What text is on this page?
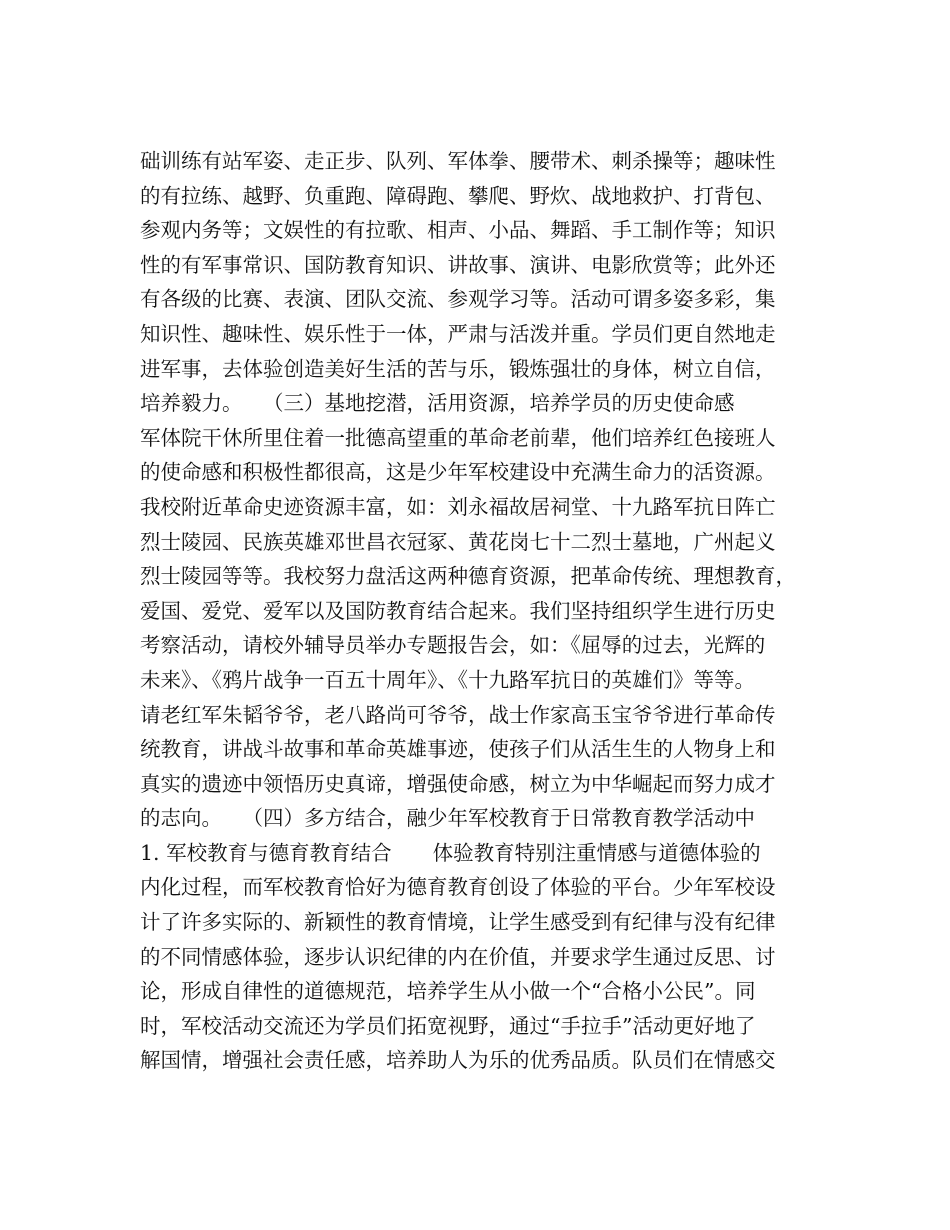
础训练有站军姿、走正步、队列、军体拳、腰带术、刺杀操等；趣味性
的有拉练、越野、负重跑、障碍跑、攀爬、野炊、战地救护、打背包、
参观内务等；文娱性的有拉歌、相声、小品、舞蹈、手工制作等；知识
性的有军事常识、国防教育知识、讲故事、演讲、电影欣赏等；此外还
有各级的比赛、表演、团队交流、参观学习等。活动可谓多姿多彩，集
知识性、趣味性、娱乐性于一体，严肃与活泼并重。学员们更自然地走
进军事，去体验创造美好生活的苦与乐，锻炼强壮的身体，树立自信，
培养毅力。　　（三）基地挖潜，活用资源，培养学员的历史使命感
军体院干休所里住着一批德高望重的革命老前辈，他们培养红色接班人
的使命感和积极性都很高，这是少年军校建设中充满生命力的活资源。
我校附近革命史迹资源丰富，如：刘永福故居祠堂、十九路军抗日阵亡
烈士陵园、民族英雄邓世昌衣冠冢、黄花岗七十二烈士墓地，广州起义
烈士陵园等等。我校努力盘活这两种德育资源，把革命传统、理想教育，
爱国、爱党、爱军以及国防教育结合起来。我们坚持组织学生进行历史
考察活动，请校外辅导员举办专题报告会，如：《屈辱的过去，光辉的
未来》、《鸦片战争一百五十周年》、《十九路军抗日的英雄们》等等。
请老红军朱韬爷爷，老八路尚可爷爷，战士作家高玉宝爷爷进行革命传
统教育，讲战斗故事和革命英雄事迹，使孩子们从活生生的人物身上和
真实的遗迹中领悟历史真谛，增强使命感，树立为中华崛起而努力成才
的志向。　　（四）多方结合，融少年军校教育于日常教育教学活动中
1. 军校教育与德育教育结合　　体验教育特别注重情感与道德体验的
内化过程，而军校教育恰好为德育教育创设了体验的平台。少年军校设
计了许多实际的、新颖性的教育情境，让学生感受到有纪律与没有纪律
的不同情感体验，逐步认识纪律的内在价值，并要求学生通过反思、讨
论，形成自律性的道德规范，培养学生从小做一个“合格小公民”。同
时，军校活动交流还为学员们拓宽视野，通过“手拉手”活动更好地了
解国情，增强社会责任感，培养助人为乐的优秀品质。队员们在情感交
